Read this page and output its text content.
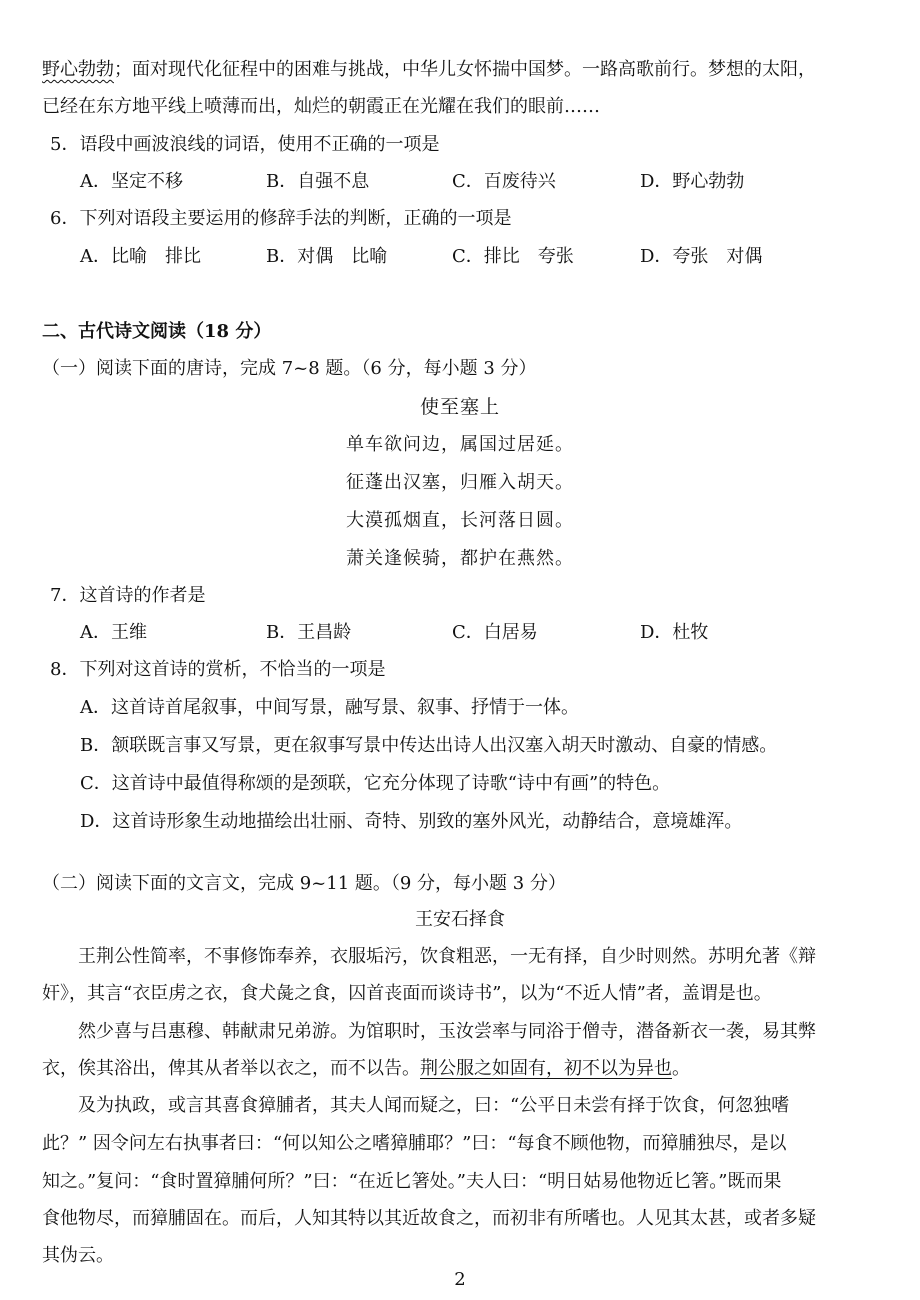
野心勃勃；面对现代化征程中的困难与挑战，中华儿女怀揣中国梦。一路高歌前行。梦想的太阳，
已经在东方地平线上喷薄而出，灿烂的朝霞正在光耀在我们的眼前……
5．语段中画波浪线的词语，使用不正确的一项是
A．坚定不移	B．自强不息	C．百废待兴	D．野心勃勃
6．下列对语段主要运用的修辞手法的判断，正确的一项是
A．比喻　排比	B．对偶　比喻	C．排比　夸张	D．夸张　对偶
二、古代诗文阅读（18 分）
（一）阅读下面的唐诗，完成 7~8 题。（6 分，每小题 3 分）
使至塞上
单车欲问边，属国过居延。
征蓬出汉塞，归雁入胡天。
大漠孤烟直，长河落日圆。
萧关逢候骑，都护在燕然。
7．这首诗的作者是
A．王维	B．王昌龄	C．白居易	D．杜牧
8．下列对这首诗的赏析，不恰当的一项是
A．这首诗首尾叙事，中间写景，融写景、叙事、抒情于一体。
B．颔联既言事又写景，更在叙事写景中传达出诗人出汉塞入胡天时激动、自豪的情感。
C．这首诗中最值得称颂的是颈联，它充分体现了诗歌“诗中有画”的特色。
D．这首诗形象生动地描绘出壮丽、奇特、别致的塞外风光，动静结合，意境雄浑。
（二）阅读下面的文言文，完成 9~11 题。（9 分，每小题 3 分）
王安石择食
王荆公性简率，不事修饰奉养，衣服垢污，饮食粗恶，一无有择，自少时则然。苏明允著《辩
奸》，其言“衣臣虏之衣，食犬彘之食，囚首丧面而谈诗书”，以为“不近人情”者，盖谓是也。
然少喜与吕惠穆、韩献肃兄弟游。为馆职时，玉汝尝率与同浴于僧寺，潜备新衣一袭，易其弊
衣，俟其浴出，俾其从者举以衣之，而不以告。荆公服之如固有，初不以为异也。
及为执政，或言其喜食獐脯者，其夫人闻而疑之，曰：“公平日未尝有择于饮食，何忽独嗜
此？” 因令问左右执事者曰：“何以知公之嗜獐脯耶？”曰：“每食不顾他物，而獐脯独尽，是以
知之。”复问：“食时置獐脯何所？”曰：“在近匕箸处。”夫人曰：“明日姑易他物近匕箸。”既而果
食他物尽，而獐脯固在。而后，人知其特以其近故食之，而初非有所嗜也。人见其太甚，或者多疑
其伪云。
2
